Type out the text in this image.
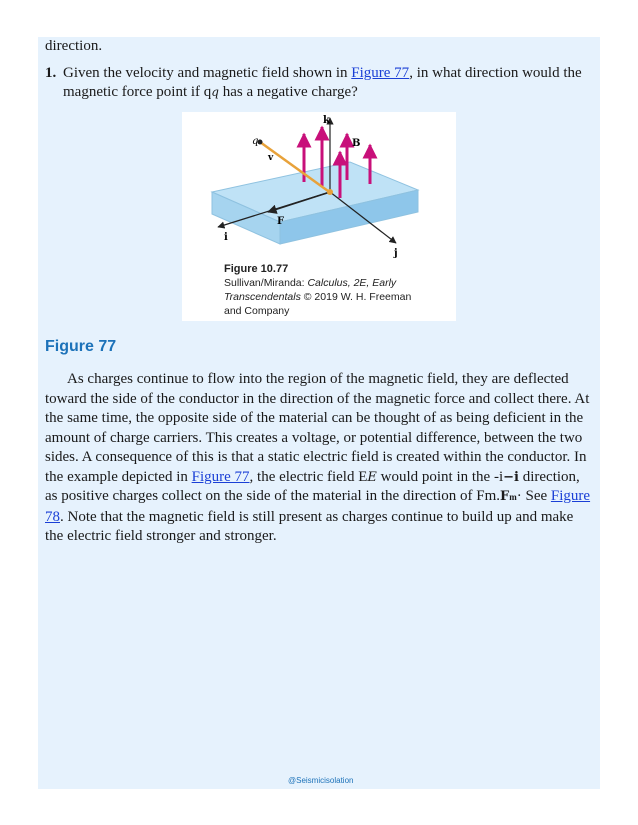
direction.
1. Given the velocity and magnetic field shown in Figure 77, in what direction would the magnetic force point if qq has a negative charge?
k
q
v
B
F
i
j
Figure 10.77
Sullivan/Miranda: Calculus, 2E, Early
Transcendentals © 2019 W. H. Freeman
and Company
Figure 77
As charges continue to flow into the region of the magnetic field, they are deflected toward the side of the conductor in the direction of the magnetic force and collect there. At the same time, the opposite side of the material can be thought of as being deficient in the amount of charge carriers. This creates a voltage, or potential difference, between the two sides. A consequence of this is that a static electric field is created within the conductor. In the example depicted in Figure 77, the electric field EE would point in the -i−i direction, as positive charges collect on the side of the material in the direction of Fm.Fm· See Figure 78. Note that the magnetic field is still present as charges continue to build up and make the electric field stronger and stronger.
@Seismicisolation
